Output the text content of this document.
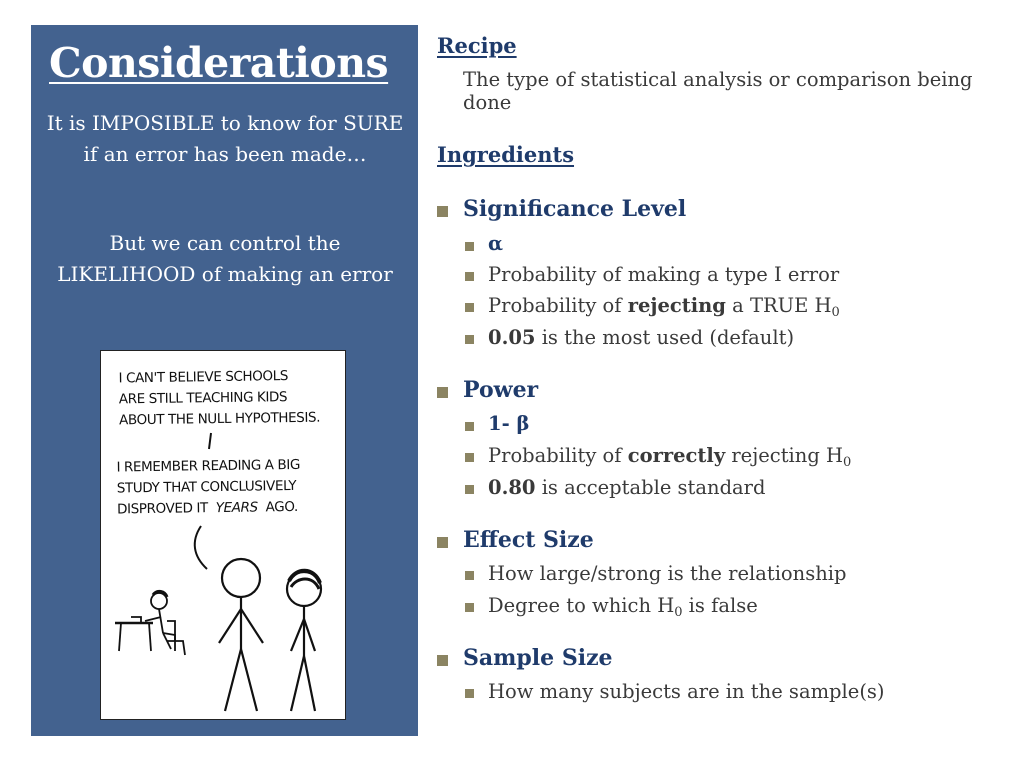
Considerations

It is IMPOSIBLE to know for SURE if an error has been made…

But we can control the LIKELIHOOD of making an error

I CAN'T BELIEVE SCHOOLS
ARE STILL TEACHING KIDS
ABOUT THE NULL HYPOTHESIS.
I REMEMBER READING A BIG
STUDY THAT CONCLUSIVELY
DISPROVED IT YEARS AGO.
Recipe

The type of statistical analysis or comparison being done

Ingredients

Significance Level

α

Probability of making a type I error

Probability of rejecting a TRUE $H_0$

0.05 is the most used (default)

Power

1- β

Probability of correctly rejecting $H_0$

0.80 is acceptable standard

Effect Size

How large/strong is the relationship

Degree to which $H_0$ is false

Sample Size

How many subjects are in the sample(s)
